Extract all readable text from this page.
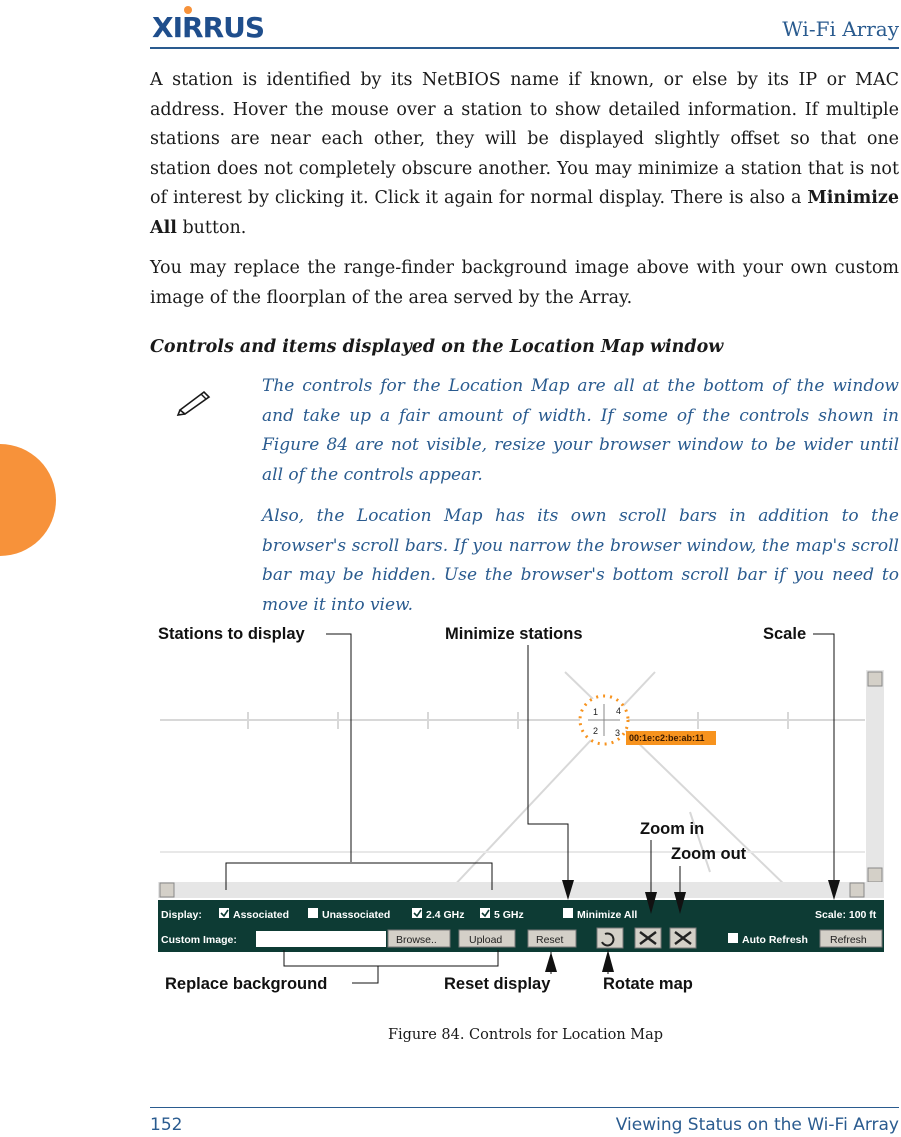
XIRRUS	Wi-Fi Array

A station is identified by its NetBIOS name if known, or else by its IP or MAC address. Hover the mouse over a station to show detailed information. If multiple stations are near each other, they will be displayed slightly offset so that one station does not completely obscure another. You may minimize a station that is not of interest by clicking it. Click it again for normal display. There is also a Minimize All button.

You may replace the range-finder background image above with your own custom image of the floorplan of the area served by the Array.

Controls and items displayed on the Location Map window

The controls for the Location Map are all at the bottom of the window and take up a fair amount of width. If some of the controls shown in Figure 84 are not visible, resize your browser window to be wider until all of the controls appear.

Also, the Location Map has its own scroll bars in addition to the browser's scroll bars. If you narrow the browser window, the map's scroll bar may be hidden. Use the browser's bottom scroll bar if you need to move it into view.

1
2 3
4
00:1e:c2:be:ab:11
Display:	Associated	Unassociated	2.4 GHz	5 GHz	Minimize All	Scale: 100 ft
Custom Image:	Auto Refresh
Browse..	Upload	Reset	Refresh
Stations to display	Minimize stations	Scale
Zoom in
Zoom out
Replace background	Reset display	Rotate map
Figure 84. Controls for Location Map
152	Viewing Status on the Wi-Fi Array
